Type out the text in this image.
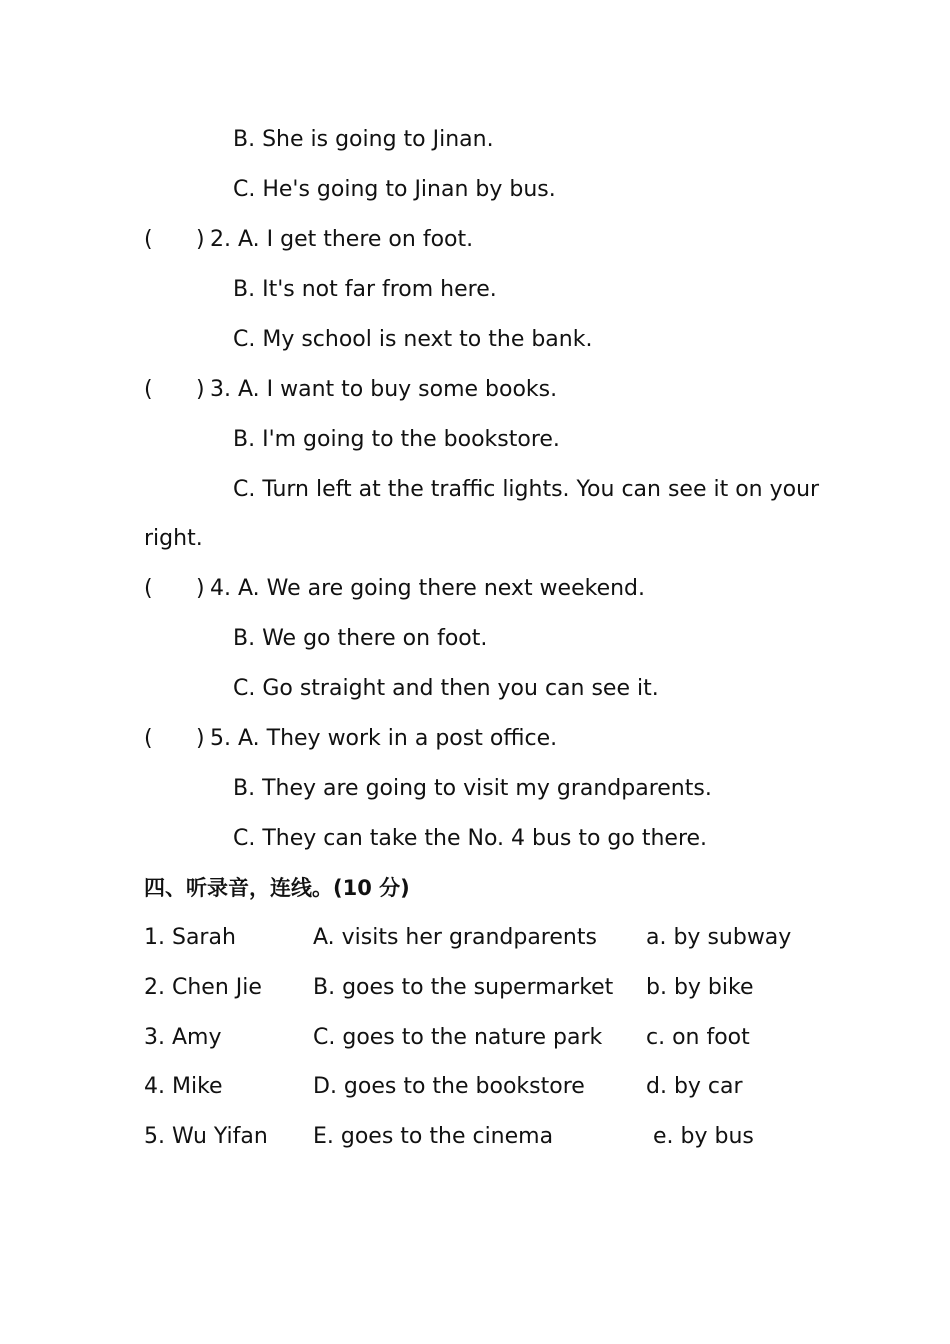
B. She is going to Jinan.
C. He's going to Jinan by bus.
( ) 2. A. I get there on foot.
B. It's not far from here.
C. My school is next to the bank.
( ) 3. A. I want to buy some books.
B. I'm going to the bookstore.
C. Turn left at the traffic lights. You can see it on your
right.
( ) 4. A. We are going there next weekend.
B. We go there on foot.
C. Go straight and then you can see it.
( ) 5. A. They work in a post office.
B. They are going to visit my grandparents.
C. They can take the No. 4 bus to go there.
四、听录音，连线。(10 分)
1. Sarah	A. visits her grandparents a. by subway
2. Chen Jie B. goes to the supermarket b. by bike
3. Amy	C. goes to the nature park c. on foot
4. Mike	D. goes to the bookstore	d. by car
5. Wu Yifan E. goes to the cinema	e. by bus
